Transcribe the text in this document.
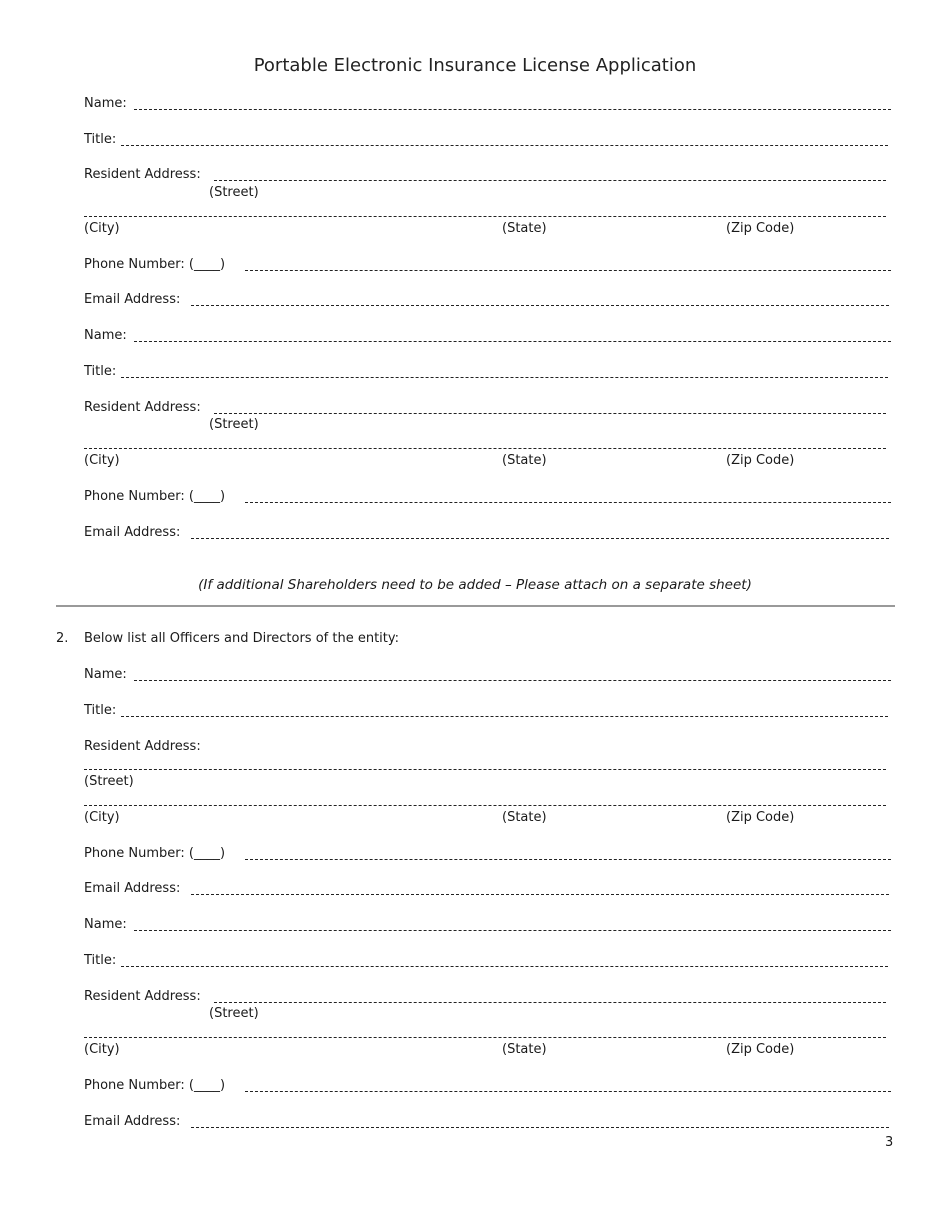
Portable Electronic Insurance License Application
Name:
Title:
Resident Address:
(Street)
(City)	(State)	(Zip Code)
Phone Number: (____)
Email Address:
Name:
Title:
Resident Address:
(Street)
(City)	(State)	(Zip Code)
Phone Number: (____)
Email Address:
(If additional Shareholders need to be added – Please attach on a separate sheet)
2. Below list all Officers and Directors of the entity:
Name:
Title:
Resident Address:
(Street)
(City)	(State)	(Zip Code)
Phone Number: (____)
Email Address:
Name:
Title:
Resident Address:
(Street)
(City)	(State)	(Zip Code)
Phone Number: (____)
Email Address:
3
